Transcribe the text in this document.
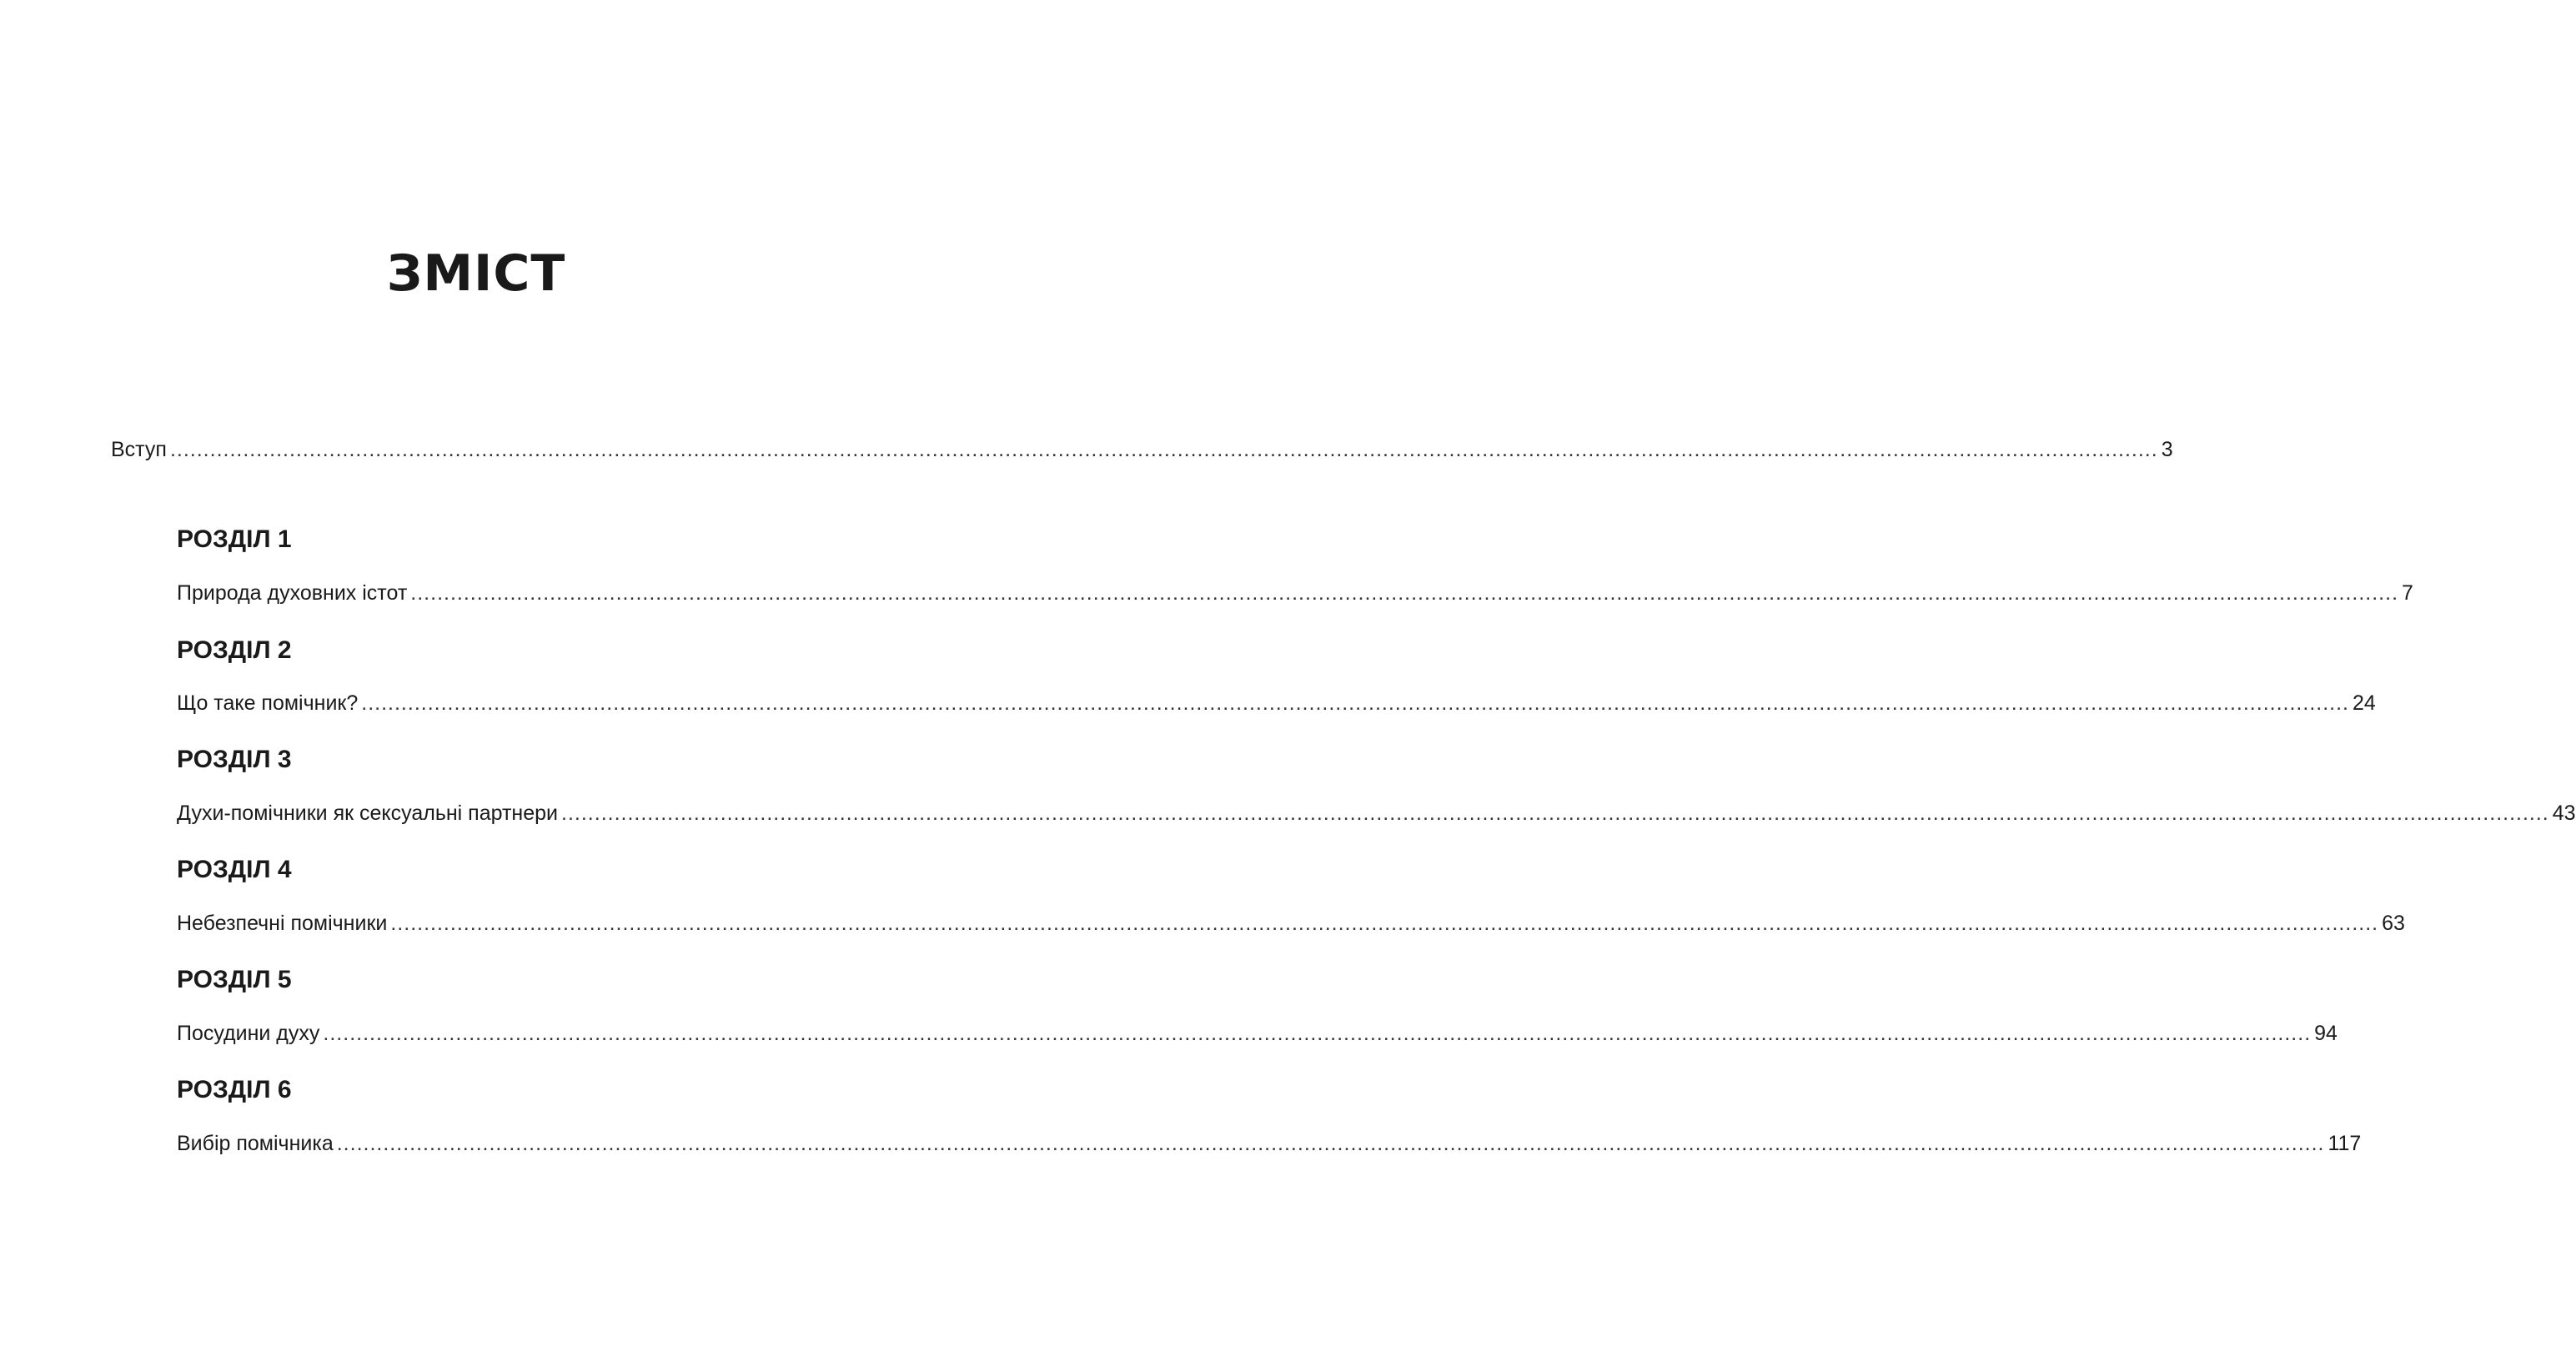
ЗМІСТ
Вступ ............................................................................................................................................................................................................................................................................................................ 3
РОЗДІЛ 1
Природа духовних істот ............................................................................................................................................................................................................................................................................................................ 7
РОЗДІЛ 2
Що таке помічник? ............................................................................................................................................................................................................................................................................................................ 24
РОЗДІЛ 3
Духи-помічники як сексуальні партнери ............................................................................................................................................................................................................................................................................................................ 43
РОЗДІЛ 4
Небезпечні помічники ............................................................................................................................................................................................................................................................................................................ 63
РОЗДІЛ 5
Посудини духу ............................................................................................................................................................................................................................................................................................................ 94
РОЗДІЛ 6
Вибір помічника ............................................................................................................................................................................................................................................................................................................ 117
